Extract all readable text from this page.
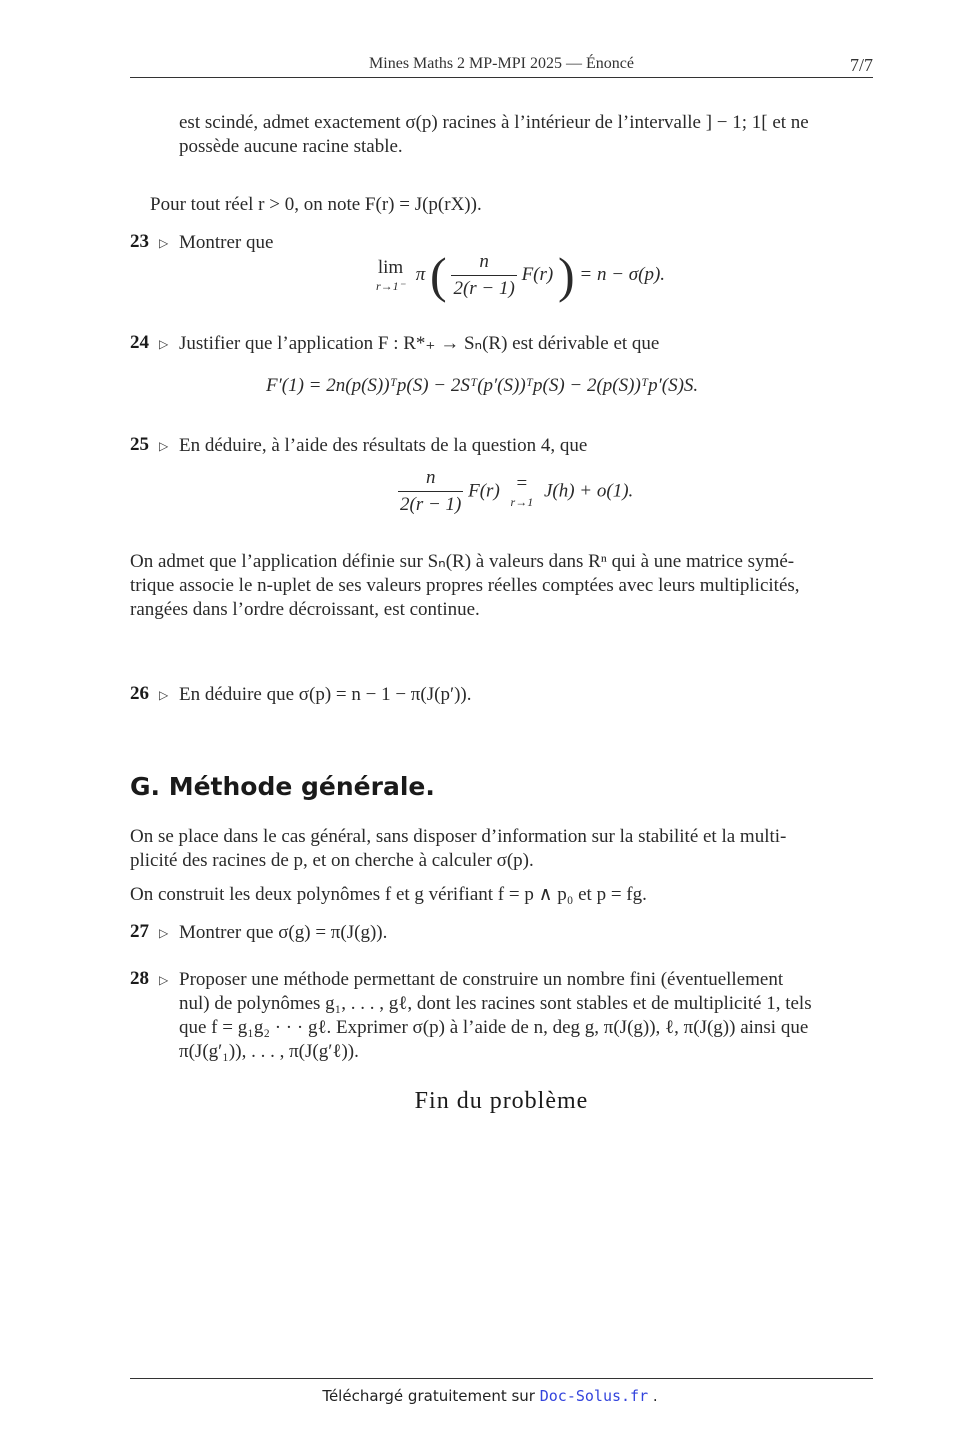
Mines Maths 2 MP-MPI 2025 — Énoncé	7/7
est scindé, admet exactement σ(p) racines à l’intérieur de l’intervalle ] − 1; 1[ et ne
possède aucune racine stable.
Pour tout réel r > 0, on note F(r) = J(p(rX)).
23 ▷ Montrer que
lim
r→1⁻
π ( $\frac{n}{2(r - 1)} F(r)$ ) = n − σ(p).
24 ▷ Justifier que l’application F : R*₊ → Sₙ(R) est dérivable et que
F′(1) = 2n(p(S))ᵀp(S) − 2Sᵀ(p′(S))ᵀp(S) − 2(p(S))ᵀp′(S)S.
25 ▷ En déduire, à l’aide des résultats de la question 4, que
$\frac{n}{2(r - 1)} F(r)$ =
r→1
J(h) + o(1).
On admet que l’application définie sur Sₙ(R) à valeurs dans Rⁿ qui à une matrice symé-
trique associe le n-uplet de ses valeurs propres réelles comptées avec leurs multiplicités,
rangées dans l’ordre décroissant, est continue.
26 ▷ En déduire que σ(p) = n − 1 − π(J(p′)).
G. Méthode générale.
On se place dans le cas général, sans disposer d’information sur la stabilité et la multi-
plicité des racines de p, et on cherche à calculer σ(p).
On construit les deux polynômes f et g vérifiant f = p ∧ p₀ et p = fg.
27 ▷ Montrer que σ(g) = π(J(g)).
28 ▷ Proposer une méthode permettant de construire un nombre fini (éventuellement
nul) de polynômes g₁, . . . , gℓ, dont les racines sont stables et de multiplicité 1, tels
que f = g₁g₂ · · · gℓ. Exprimer σ(p) à l’aide de n, deg g, π(J(g)), ℓ, π(J(g)) ainsi que
π(J(g′₁)), . . . , π(J(g′ℓ)).
Fin du problème
Téléchargé gratuitement sur Doc-Solus.fr .
